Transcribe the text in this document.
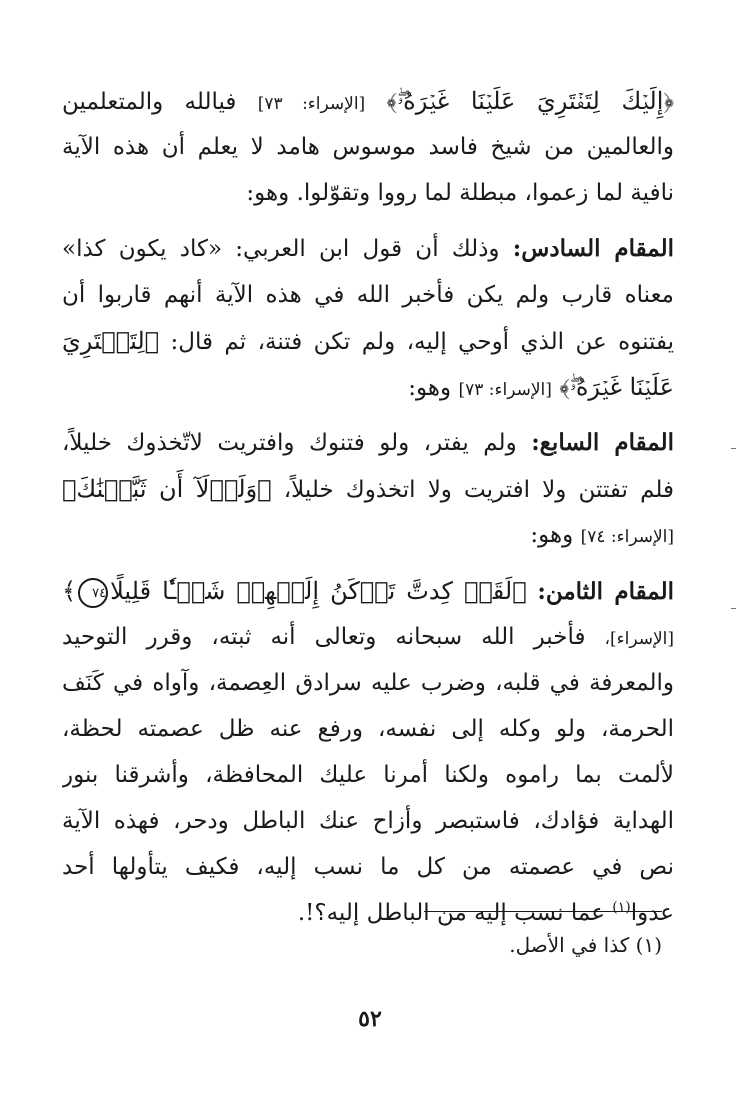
﴿إِلَيۡكَ لِتَفۡتَرِيَ عَلَيۡنَا غَيۡرَهُۥۖ﴾ [الإسراء: ٧٣] فيالله والمتعلمين
والعالمين من شيخ فاسد موسوس هامد لا يعلم أن هذه الآية
نافية لما زعموا، مبطلة لما رووا وتقوّلوا. وهو:
المقام السادس: وذلك أن قول ابن العربي: «كاد يكون كذا»
معناه قارب ولم يكن فأخبر الله في هذه الآية أنهم قاربوا أن
يفتنوه عن الذي أوحي إليه، ولم تكن فتنة، ثم قال: ﴿لِتَفۡتَرِيَ
عَلَيۡنَا غَيۡرَهُۥۖ﴾ [الإسراء: ٧٣] وهو:
المقام السابع: ولم يفتر، ولو فتنوك وافتريت لاتّخذوك خليلاً،
فلم تفتتن ولا افتريت ولا اتخذوك خليلاً، ﴿وَلَوۡلَآ أَن ثَبَّتۡنَٰكَ﴾
[الإسراء: ٧٤] وهو:
المقام الثامن: ﴿لَقَدۡ كِدتَّ تَرۡكَنُ إِلَيۡهِمۡ شَيۡـٔٗا قَلِيلًا٧٤﴾
[الإسراء]، فأخبر الله سبحانه وتعالى أنه ثبته، وقرر التوحيد
والمعرفة في قلبه، وضرب عليه سرادق العِصمة، وآواه في كَنَف
الحرمة، ولو وكله إلى نفسه، ورفع عنه ظل عصمته لحظة،
لألمت بما راموه ولكنا أمرنا عليك المحافظة، وأشرقنا بنور
الهداية فؤادك، فاستبصر وأزاح عنك الباطل ودحر، فهذه الآية
نص في عصمته من كل ما نسب إليه، فكيف يتأولها أحد
عدوا$^{(١)}$ عما نسب إليه من الباطل إليه؟!.
(١) كذا في الأصل.
٥٢
